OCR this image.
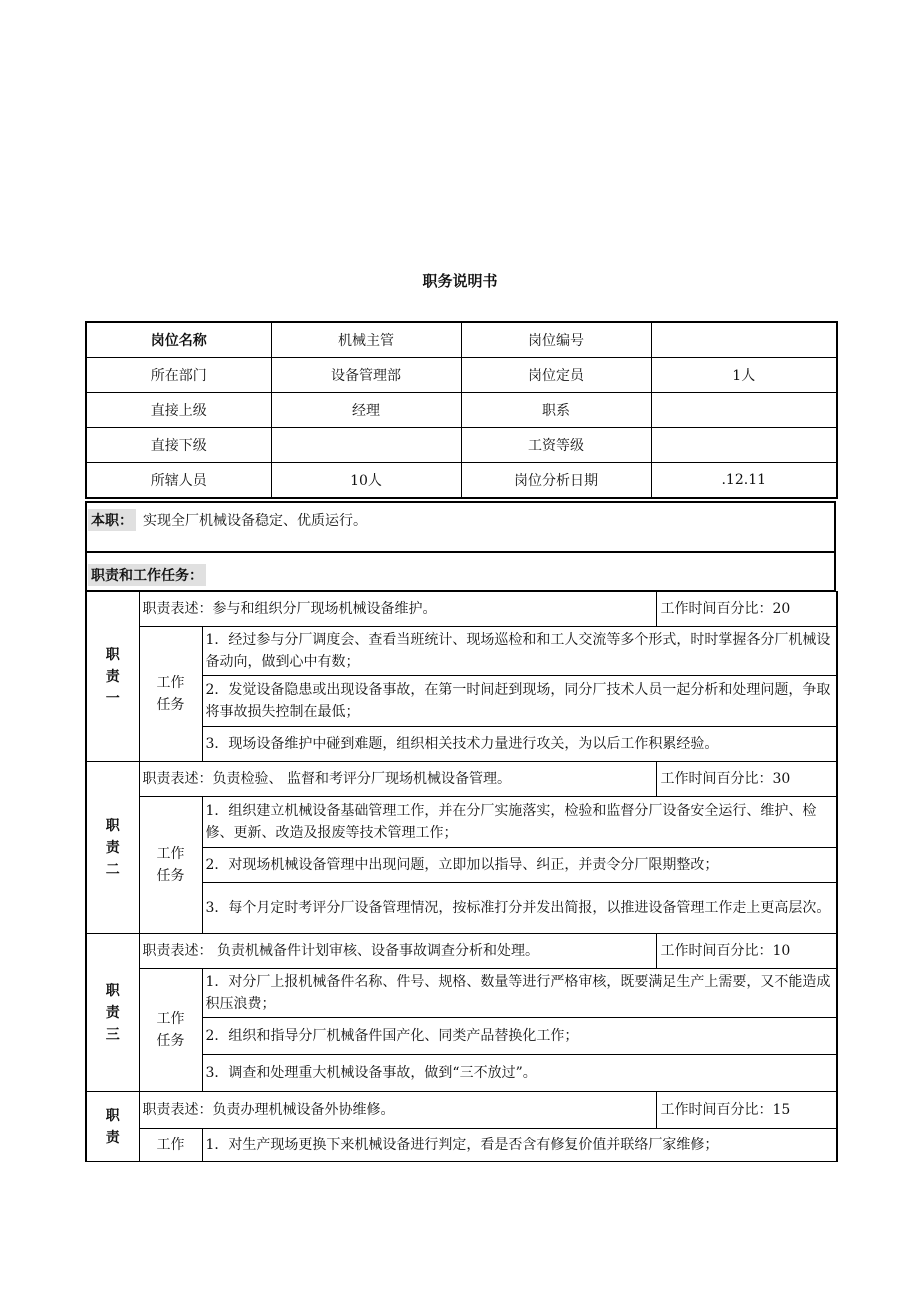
职务说明书
岗位名称	机械主管	岗位编号	
所在部门	设备管理部	岗位定员	1人
直接上级	经理	职系	
直接下级		工资等级	
所辖人员	10人	岗位分析日期	.12.11
本职： 实现全厂机械设备稳定、优质运行。
职责和工作任务：
职责一	职责表述：参与和组织分厂现场机械设备维护。		工作时间百分比：20
	工作任务	1．经过参与分厂调度会、查看当班统计、现场巡检和和工人交流等多个形式，时时掌握各分厂机械设备动向，做到心中有数；	
		2．发觉设备隐患或出现设备事故，在第一时间赶到现场，同分厂技术人员一起分析和处理问题，争取将事故损失控制在最低；	
		3．现场设备维护中碰到难题，组织相关技术力量进行攻关，为以后工作积累经验。	
职责二	职责表述：负责检验、 监督和考评分厂现场机械设备管理。		工作时间百分比：30
	工作任务	1．组织建立机械设备基础管理工作，并在分厂实施落实，检验和监督分厂设备安全运行、维护、检修、更新、改造及报废等技术管理工作；	
		2．对现场机械设备管理中出现问题，立即加以指导、纠正，并责令分厂限期整改；	
		3．每个月定时考评分厂设备管理情况，按标准打分并发出简报，以推进设备管理工作走上更高层次。	
职责三	职责表述： 负责机械备件计划审核、设备事故调查分析和处理。		工作时间百分比：10
	工作任务	1．对分厂上报机械备件名称、件号、规格、数量等进行严格审核，既要满足生产上需要，又不能造成积压浪费；	
		2．组织和指导分厂机械备件国产化、同类产品替换化工作；	
		3．调查和处理重大机械设备事故，做到“三不放过”。	
职责	职责表述：负责办理机械设备外协维修。		工作时间百分比：15
	工作	1．对生产现场更换下来机械设备进行判定，看是否含有修复价值并联络厂家维修；	
